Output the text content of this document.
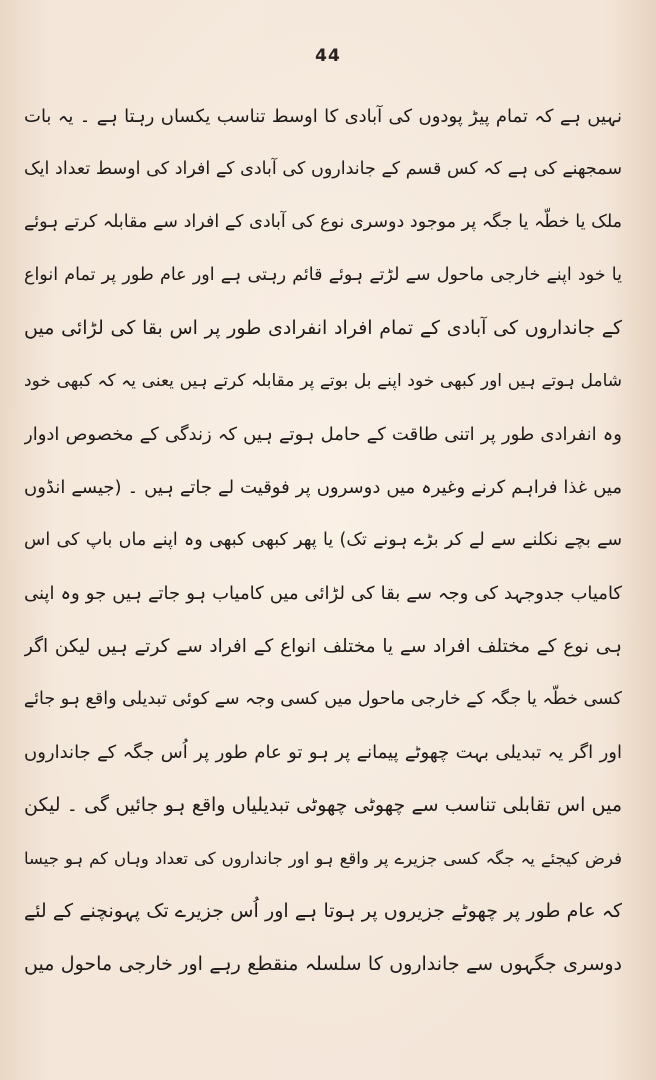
44
نہیں ہے کہ تمام پیڑ پودوں کی آبادی کا اوسط تناسب یکساں رہتا ہے ۔ یہ بات
سمجھنے کی ہے کہ کس قسم کے جانداروں کی آبادی کے افراد کی اوسط تعداد ایک
ملک یا خطّہ یا جگہ پر موجود دوسری نوع کی آبادی کے افراد سے مقابلہ کرتے ہوئے
یا خود اپنے خارجی ماحول سے لڑتے ہوئے قائم رہتی ہے اور عام طور پر تمام انواع
کے جانداروں کی آبادی کے تمام افراد انفرادی طور پر اس بقا کی لڑائی میں
شامل ہوتے ہیں اور کبھی خود اپنے بل بوتے پر مقابلہ کرتے ہیں یعنی یہ کہ کبھی خود
وہ انفرادی طور پر اتنی طاقت کے حامل ہوتے ہیں کہ زندگی کے مخصوص ادوار
میں غذا فراہم کرنے وغیرہ میں دوسروں پر فوقیت لے جاتے ہیں ۔ (جیسے انڈوں
سے بچے نکلنے سے لے کر بڑے ہونے تک) یا پھر کبھی کبھی وہ اپنے ماں باپ کی اس
کامیاب جدوجہد کی وجہ سے بقا کی لڑائی میں کامیاب ہو جاتے ہیں جو وہ اپنی
ہی نوع کے مختلف افراد سے یا مختلف انواع کے افراد سے کرتے ہیں لیکن اگر
کسی خطّہ یا جگہ کے خارجی ماحول میں کسی وجہ سے کوئی تبدیلی واقع ہو جائے
اور اگر یہ تبدیلی بہت چھوٹے پیمانے پر ہو تو عام طور پر اُس جگہ کے جانداروں
میں اس تقابلی تناسب سے چھوٹی چھوٹی تبدیلیاں واقع ہو جائیں گی ۔ لیکن
فرض کیجئے یہ جگہ کسی جزیرے پر واقع ہو اور جانداروں کی تعداد وہاں کم ہو جیسا
کہ عام طور پر چھوٹے جزیروں پر ہوتا ہے اور اُس جزیرے تک پہونچنے کے لئے
دوسری جگہوں سے جانداروں کا سلسلہ منقطع رہے اور خارجی ماحول میں
